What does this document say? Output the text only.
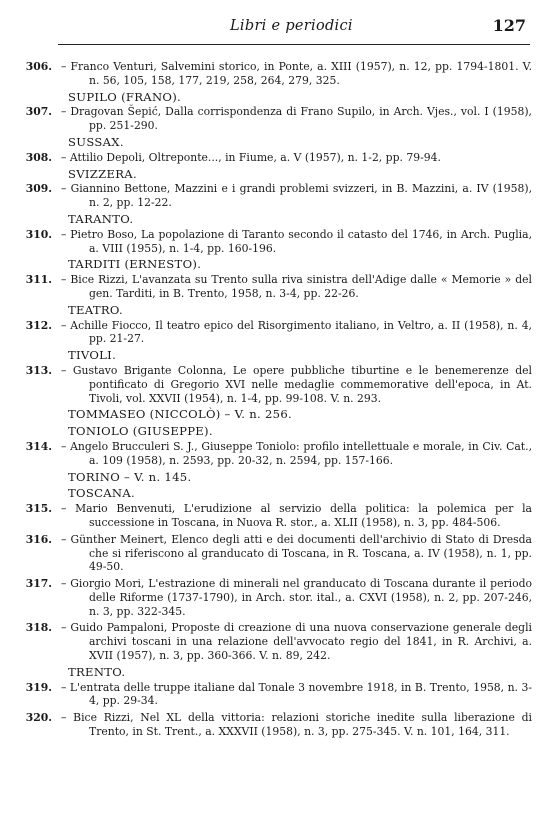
Libri e periodici	127
306. – Franco Venturi, Salvemini storico, in Ponte, a. XIII (1957), n. 12, pp. 1794-1801. V. n. 56, 105, 158, 177, 219, 258, 264, 279, 325.
SUPILO (FRANO).
307. – Dragovan Šepić, Dalla corrispondenza di Frano Supilo, in Arch. Vjes., vol. I (1958), pp. 251-290.
SUSSAX.
308. – Attilio Depoli, Oltreponte..., in Fiume, a. V (1957), n. 1-2, pp. 79-94.
SVIZZERA.
309. – Giannino Bettone, Mazzini e i grandi problemi svizzeri, in B. Mazzini, a. IV (1958), n. 2, pp. 12-22.
TARANTO.
310. – Pietro Boso, La popolazione di Taranto secondo il catasto del 1746, in Arch. Puglia, a. VIII (1955), n. 1-4, pp. 160-196.
TARDITI (ERNESTO).
311. – Bice Rizzi, L'avanzata su Trento sulla riva sinistra dell'Adige dalle « Memorie » del gen. Tarditi, in B. Trento, 1958, n. 3-4, pp. 22-26.
TEATRO.
312. – Achille Fiocco, Il teatro epico del Risorgimento italiano, in Veltro, a. II (1958), n. 4, pp. 21-27.
TIVOLI.
313. – Gustavo Brigante Colonna, Le opere pubbliche tiburtine e le benemerenze del pontificato di Gregorio XVI nelle medaglie commemorative dell'epoca, in At. Tivoli, vol. XXVII (1954), n. 1-4, pp. 99-108. V. n. 293.
TOMMASEO (NICCOLÒ) – V. n. 256.
TONIOLO (GIUSEPPE).
314. – Angelo Brucculeri S. J., Giuseppe Toniolo: profilo intellettuale e morale, in Civ. Cat., a. 109 (1958), n. 2593, pp. 20-32, n. 2594, pp. 157-166.
TORINO – V. n. 145.
TOSCANA.
315. – Mario Benvenuti, L'erudizione al servizio della politica: la polemica per la successione in Toscana, in Nuova R. stor., a. XLII (1958), n. 3, pp. 484-506.
316. – Günther Meinert, Elenco degli atti e dei documenti dell'archivio di Stato di Dresda che si riferiscono al granducato di Toscana, in R. Toscana, a. IV (1958), n. 1, pp. 49-50.
317. – Giorgio Mori, L'estrazione di minerali nel granducato di Toscana durante il periodo delle Riforme (1737-1790), in Arch. stor. ital., a. CXVI (1958), n. 2, pp. 207-246, n. 3, pp. 322-345.
318. – Guido Pampaloni, Proposte di creazione di una nuova conservazione generale degli archivi toscani in una relazione dell'avvocato regio del 1841, in R. Archivi, a. XVII (1957), n. 3, pp. 360-366. V. n. 89, 242.
TRENTO.
319. – L'entrata delle truppe italiane dal Tonale 3 novembre 1918, in B. Trento, 1958, n. 3-4, pp. 29-34.
320. – Bice Rizzi, Nel XL della vittoria: relazioni storiche inedite sulla liberazione di Trento, in St. Trent., a. XXXVII (1958), n. 3, pp. 275-345. V. n. 101, 164, 311.
